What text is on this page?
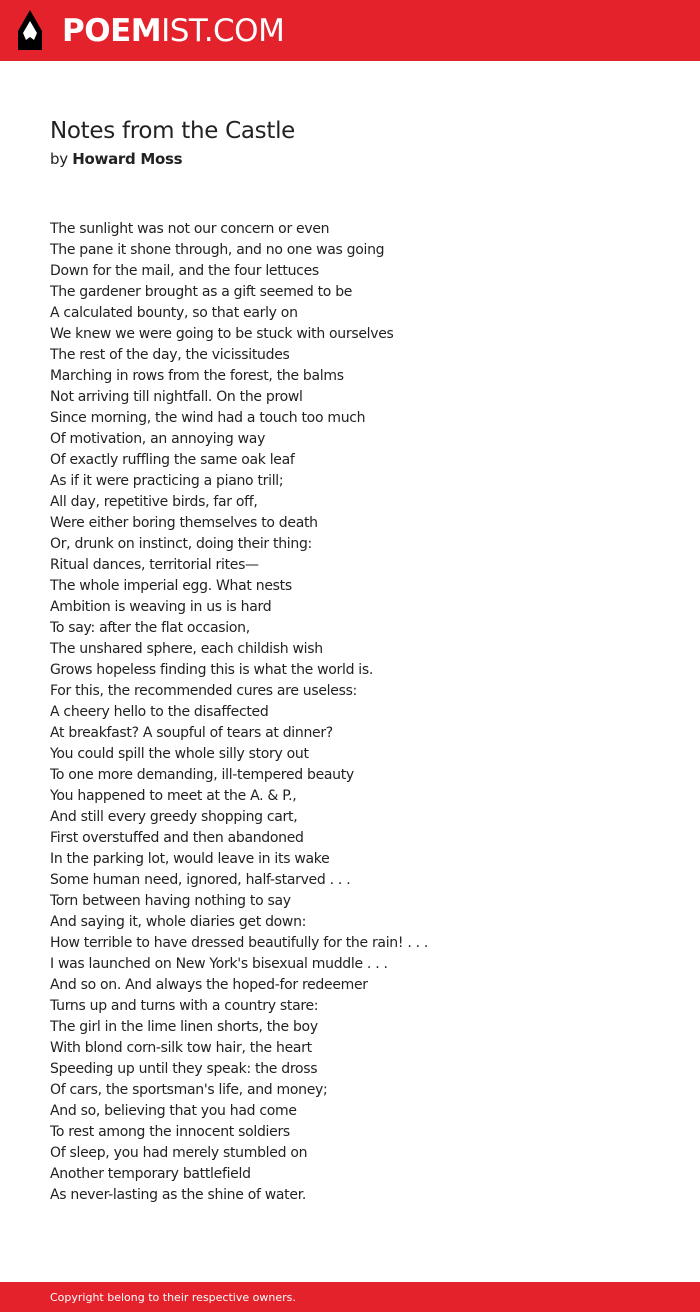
POEMIST.COM
Notes from the Castle
by Howard Moss
The sunlight was not our concern or even
The pane it shone through, and no one was going
Down for the mail, and the four lettuces
The gardener brought as a gift seemed to be
A calculated bounty, so that early on
We knew we were going to be stuck with ourselves
The rest of the day, the vicissitudes
Marching in rows from the forest, the balms
Not arriving till nightfall. On the prowl
Since morning, the wind had a touch too much
Of motivation, an annoying way
Of exactly ruffling the same oak leaf
As if it were practicing a piano trill;
All day, repetitive birds, far off,
Were either boring themselves to death
Or, drunk on instinct, doing their thing:
Ritual dances, territorial rites—
The whole imperial egg. What nests
Ambition is weaving in us is hard
To say: after the flat occasion,
The unshared sphere, each childish wish
Grows hopeless finding this is what the world is.
For this, the recommended cures are useless:
A cheery hello to the disaffected
At breakfast? A soupful of tears at dinner?
You could spill the whole silly story out
To one more demanding, ill-tempered beauty
You happened to meet at the A. & P.,
And still every greedy shopping cart,
First overstuffed and then abandoned
In the parking lot, would leave in its wake
Some human need, ignored, half-starved . . .
Torn between having nothing to say
And saying it, whole diaries get down:
How terrible to have dressed beautifully for the rain! . . .
I was launched on New York's bisexual muddle . . .
And so on. And always the hoped-for redeemer
Turns up and turns with a country stare:
The girl in the lime linen shorts, the boy
With blond corn-silk tow hair, the heart
Speeding up until they speak: the dross
Of cars, the sportsman's life, and money;
And so, believing that you had come
To rest among the innocent soldiers
Of sleep, you had merely stumbled on
Another temporary battlefield
As never-lasting as the shine of water.
Copyright belong to their respective owners.
